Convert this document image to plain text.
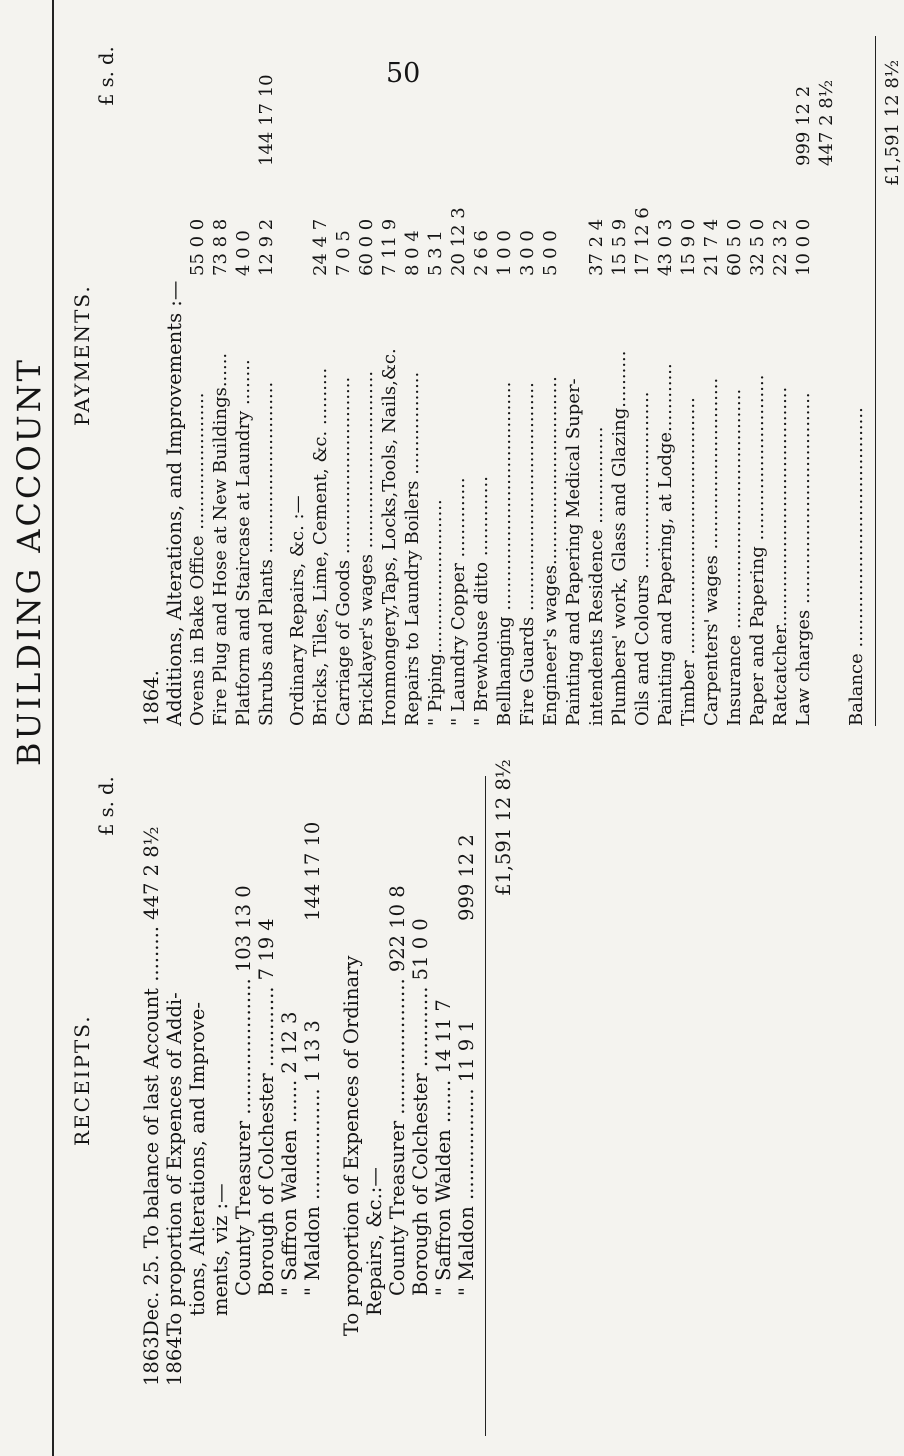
50
BUILDING ACCOUNT
RECEIPTS.
£ s. d.
1863. 1864.
Dec. 25. To balance of last Account ......... 447 2 8½ To proportion of Expences of Addi- tions, Alterations, and Improve- ments, viz :— County Treasurer ...................... 103 13 0 Borough of Colchester ............. 7 19 4 " Saffron Walden ....... 2 12 3 " Maldon .................. 1 13 3
144 17 10
To proportion of Expences of Ordinary Repairs, &c.:— County Treasurer ...................... 922 10 8 Borough of Colchester ............. 51 0 0 " Saffron Walden ....... 14 11 7 " Maldon .................. 11 9 1
999 12 2 £1,591 12 8½
PAYMENTS.
£ s. d.
1864. Additions, Alterations, and Improvements :— Ovens in Bake Office ........................
55 0 0
Fire Plug and Hose at New Buildings......
73 8 8
Platform and Staircase at Laundry ........
4 0 0
Shrubs and Plants ..............................
12 9 2
144 17 10
Ordinary Repairs, &c. :— Bricks, Tiles, Lime, Cement, &c. ..........
24 4 7
Carriage of Goods ...............................
7 0 5
Bricklayer's wages ...............................
60 0 0
Ironmongery,Taps, Locks,Tools, Nails,&c.
7 11 9
Repairs to Laundry Boilers ..................
8 0 4
" Piping...........................
5 3 1
" Laundry Copper ..............
20 12 3
" Brewhouse ditto ..............
2 6 6
Bellhanging ........................................
1 0 0
Fire Guards ........................................
3 0 0
Engineer's wages.................................
5 0 0
Painting and Papering Medical Super- intendents Residence .................
37 2 4
Plumbers' work, Glass and Glazing..........
15 5 9
Oils and Colours ...............................
17 12 6
Painting and Papering, at Lodge............
43 0 3
Timber .............................................
15 9 0
Carpenters' wages ..............................
21 7 4
Insurance ..........................................
60 5 0
Paper and Papering .............................
32 5 0
Ratcatcher..........................................
22 3 2
Law charges .....................................
10 0 0
999 12 2 447 2 8½
Balance ..........................................
£1,591 12 8½
